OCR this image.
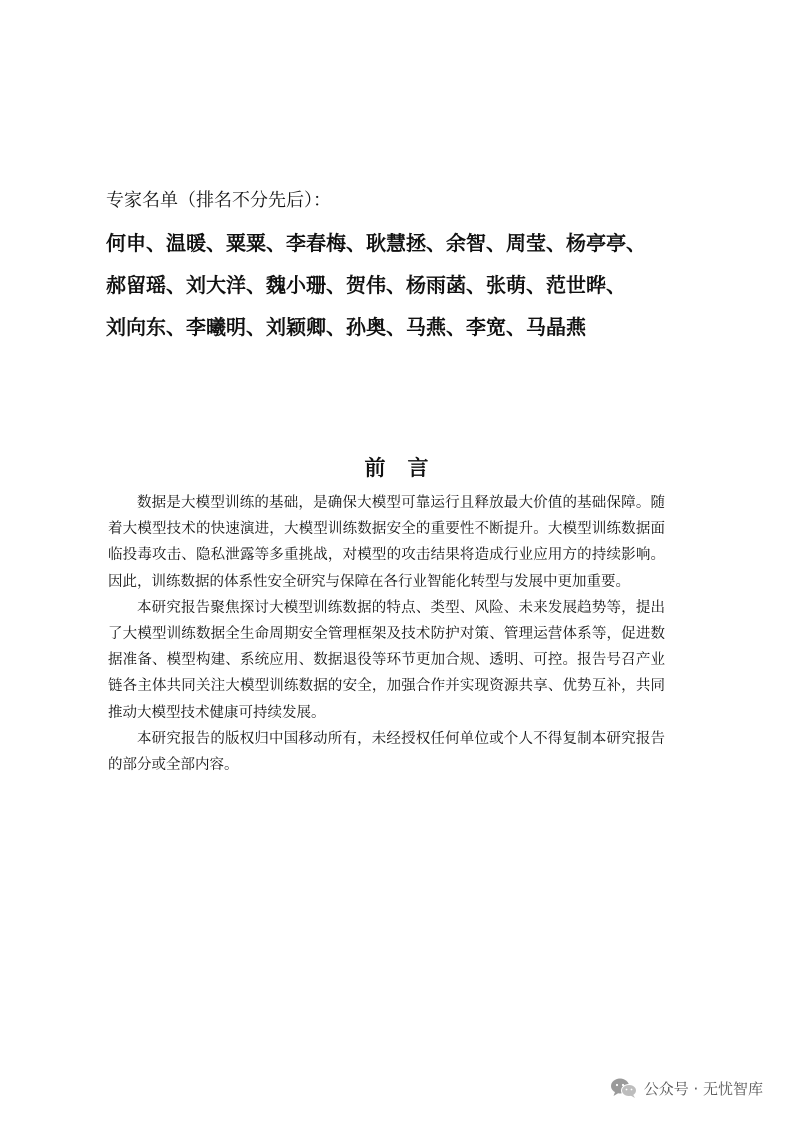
专家名单（排名不分先后）：
何申、温暖、粟粟、李春梅、耿慧拯、余智、周莹、杨亭亭、
郝留瑶、刘大洋、魏小珊、贺伟、杨雨菡、张萌、范世晔、
刘向东、李曦明、刘颖卿、孙奥、马燕、李宽、马晶燕
前言

数据是大模型训练的基础，是确保大模型可靠运行且释放最大价值的基础保障。随着大模型技术的快速演进，大模型训练数据安全的重要性不断提升。大模型训练数据面临投毒攻击、隐私泄露等多重挑战，对模型的攻击结果将造成行业应用方的持续影响。因此，训练数据的体系性安全研究与保障在各行业智能化转型与发展中更加重要。

本研究报告聚焦探讨大模型训练数据的特点、类型、风险、未来发展趋势等，提出了大模型训练数据全生命周期安全管理框架及技术防护对策、管理运营体系等，促进数据准备、模型构建、系统应用、数据退役等环节更加合规、透明、可控。报告号召产业链各主体共同关注大模型训练数据的安全，加强合作并实现资源共享、优势互补，共同推动大模型技术健康可持续发展。

本研究报告的版权归中国移动所有，未经授权任何单位或个人不得复制本研究报告的部分或全部内容。

公众号 · 无忧智库
